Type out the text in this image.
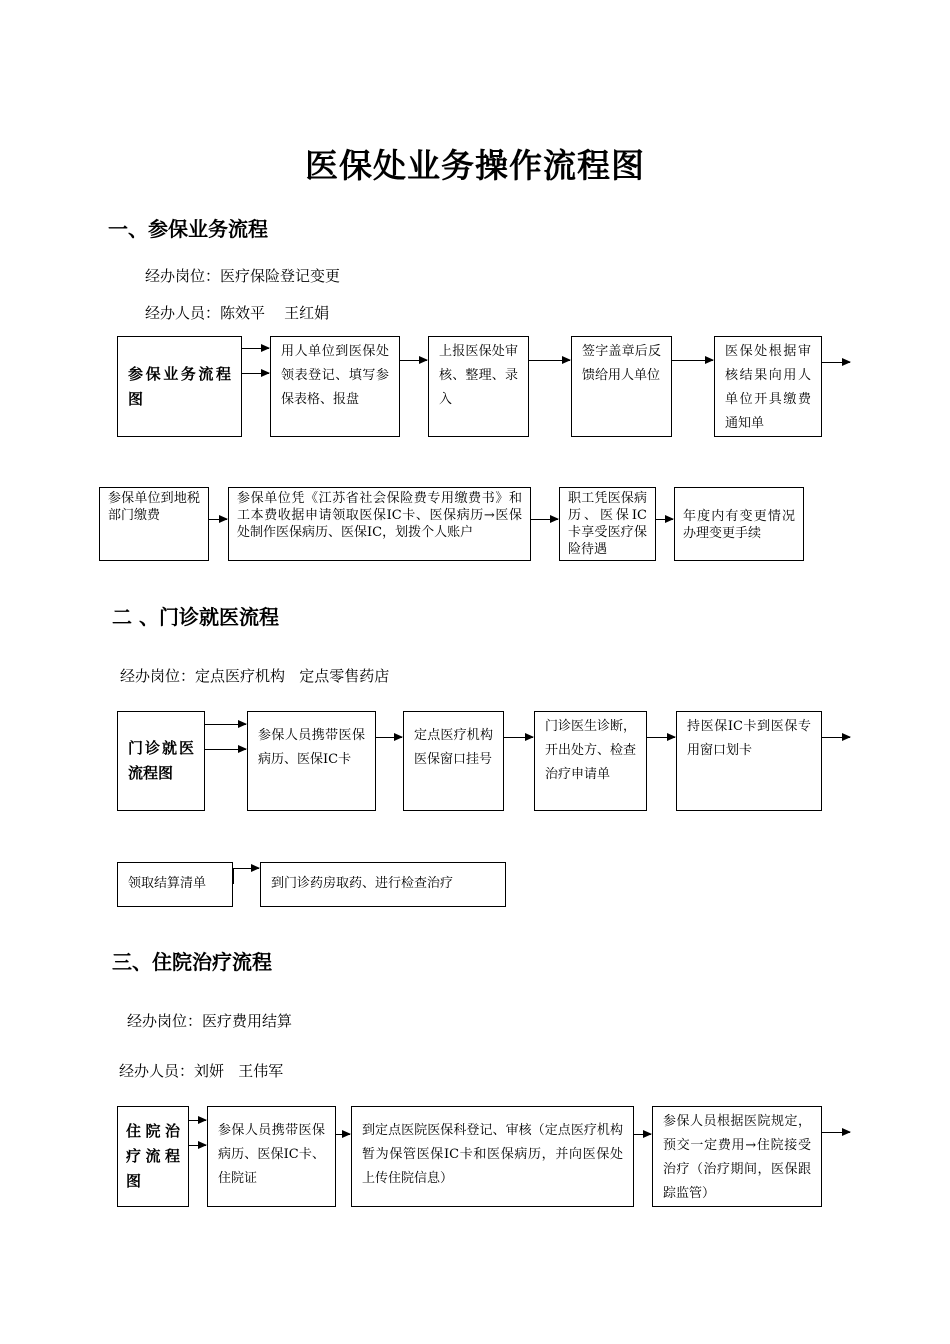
医保处业务操作流程图
一、参保业务流程
经办岗位：医疗保险登记变更
经办人员：陈效平    王红娟
参保业务流程图
用人单位到医保处领表登记、填写参保表格、报盘
上报医保处审核、整理、录入
签字盖章后反馈给用人单位
医保处根据审核结果向用人单位开具缴费通知单
参保单位到地税部门缴费
参保单位凭《江苏省社会保险费专用缴费书》和工本费收据申请领取医保IC卡、医保病历→医保处制作医保病历、医保IC，划拨个人账户
职工凭医保病历、医保IC卡享受医疗保险待遇
年度内有变更情况办理变更手续
二 、门诊就医流程
经办岗位：定点医疗机构   定点零售药店
门诊就医流程图
参保人员携带医保病历、医保IC卡
定点医疗机构医保窗口挂号
门诊医生诊断，开出处方、检查治疗申请单
持医保IC卡到医保专用窗口划卡
领取结算清单	到门诊药房取药、进行检查治疗
三、住院治疗流程
经办岗位：医疗费用结算
经办人员：刘妍   王伟军
住院治疗流程图
参保人员携带医保病历、医保IC卡、住院证
到定点医院医保科登记、审核（定点医疗机构暂为保管医保IC卡和医保病历，并向医保处上传住院信息）
参保人员根据医院规定，预交一定费用→住院接受治疗（治疗期间，医保跟踪监管）
